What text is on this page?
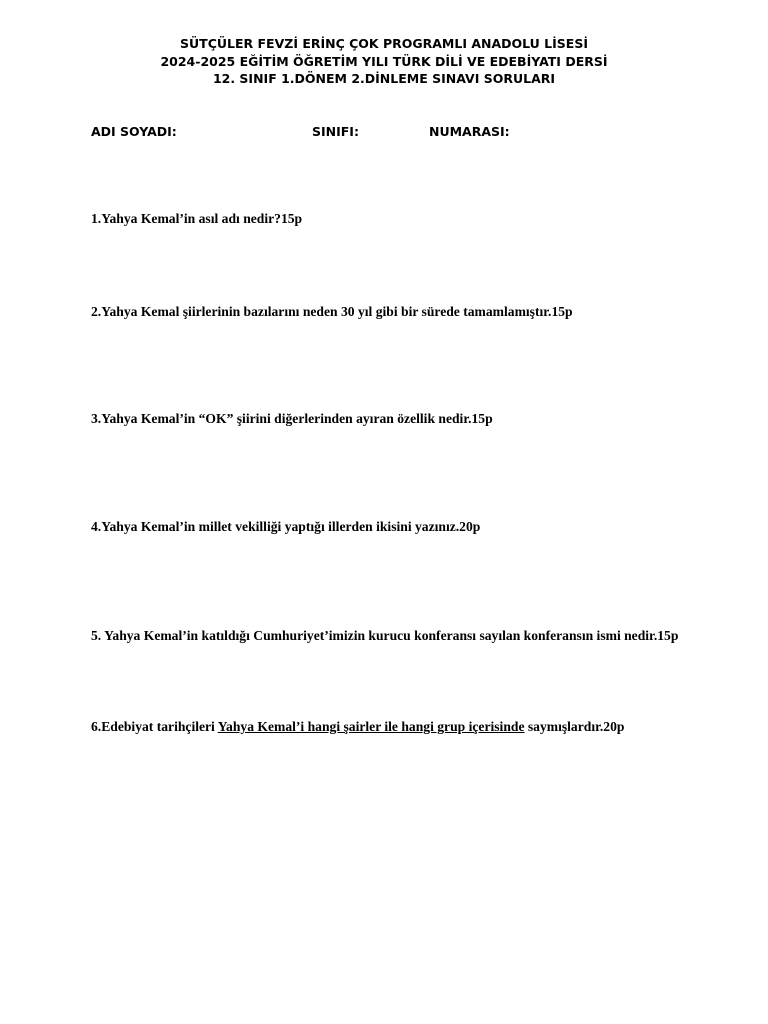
SÜTÇÜLER FEVZİ ERİNÇ ÇOK PROGRAMLI ANADOLU LİSESİ
2024-2025 EĞİTİM ÖĞRETİM YILI TÜRK DİLİ VE EDEBİYATI DERSİ
12. SINIF 1.DÖNEM 2.DİNLEME SINAVI SORULARI
ADI SOYADI:	SINIFI:	NUMARASI:
1.Yahya Kemal’in asıl adı nedir?15p
2.Yahya Kemal şiirlerinin bazılarını neden 30 yıl gibi bir sürede tamamlamıştır.15p
3.Yahya Kemal’in “OK” şiirini diğerlerinden ayıran özellik nedir.15p
4.Yahya Kemal’in millet vekilliği yaptığı illerden ikisini yazınız.20p
5. Yahya Kemal’in katıldığı Cumhuriyet’imizin kurucu konferansı sayılan konferansın ismi nedir.15p
6.Edebiyat tarihçileri Yahya Kemal’i hangi şairler ile hangi grup içerisinde saymışlardır.20p
